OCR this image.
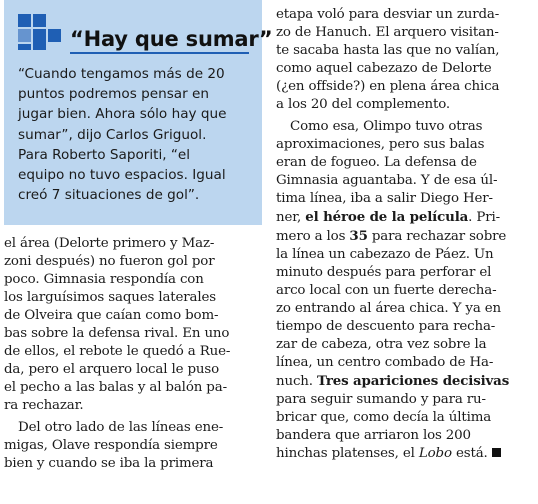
“Hay que sumar”

“Cuando tengamos más de 20
puntos podremos pensar en
jugar bien. Ahora sólo hay que
sumar”, dijo Carlos Griguol.
Para Roberto Saporiti, “el
equipo no tuvo espacios. Igual
creó 7 situaciones de gol”.

el área (Delorte primero y Maz-
zoni después) no fueron gol por
poco. Gimnasia respondía con
los larguísimos saques laterales
de Olveira que caían como bom-
bas sobre la defensa rival. En uno
de ellos, el rebote le quedó a Rue-
da, pero el arquero local le puso
el pecho a las balas y al balón pa-
ra rechazar.
Del otro lado de las líneas ene-
migas, Olave respondía siempre
bien y cuando se iba la primera
etapa voló para desviar un zurda-
zo de Hanuch. El arquero visitan-
te sacaba hasta las que no valían,
como aquel cabezazo de Delorte
(¿en offside?) en plena área chica
a los 20 del complemento.
Como esa, Olimpo tuvo otras
aproximaciones, pero sus balas
eran de fogueo. La defensa de
Gimnasia aguantaba. Y de esa úl-
tima línea, iba a salir Diego Her-
ner, el héroe de la película. Pri-
mero a los 35 para rechazar sobre
la línea un cabezazo de Páez. Un
minuto después para perforar el
arco local con un fuerte derecha-
zo entrando al área chica. Y ya en
tiempo de descuento para recha-
zar de cabeza, otra vez sobre la
línea, un centro combado de Ha-
nuch. Tres apariciones decisivas
para seguir sumando y para ru-
bricar que, como decía la última
bandera que arriaron los 200
hinchas platenses, el Lobo está.
